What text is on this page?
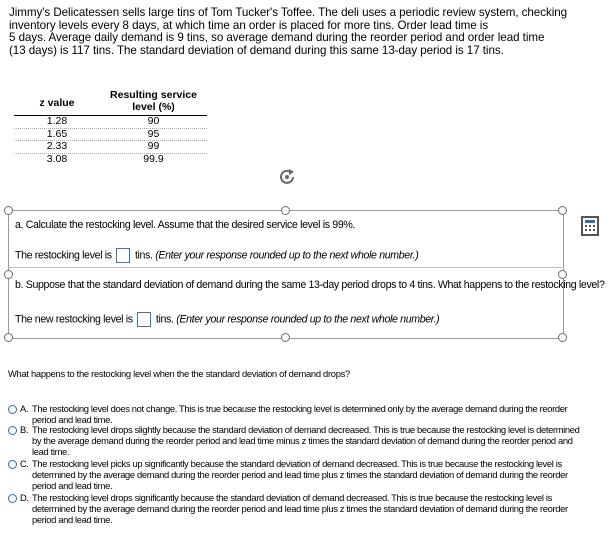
Jimmy's Delicatessen sells large tins of Tom Tucker's Toffee. The deli uses a periodic review system, checking
inventory levels every 8 days, at which time an order is placed for more tins. Order lead time is
5 days. Average daily demand is 9 tins, so average demand during the reorder period and order lead time
(13 days) is 117 tins. The standard deviation of demand during this same 13-day period is 17 tins.
z value
Resulting service
level (%)
1.28	90
1.65	95
2.33	99
3.08	99.9
a. Calculate the restocking level. Assume that the desired service level is 99%.
The restocking level is tins. (Enter your response rounded up to the next whole number.)
b. Suppose that the standard deviation of demand during the same 13-day period drops to 4 tins. What happens to the restocking level?
The new restocking level is tins. (Enter your response rounded up to the next whole number.)
What happens to the restocking level when the the standard deviation of demand drops?
A. The restocking level does not change. This is true because the restocking level is determined only by the average demand during the reorder period and lead time.
B. The restocking level drops slightly because the standard deviation of demand decreased. This is true because the restocking level is determined by the average demand during the reorder period and lead time minus z times the standard deviation of demand during the reorder period and lead time.
C. The restocking level picks up significantly because the standard deviation of demand decreased. This is true because the restocking level is determined by the average demand during the reorder period and lead time plus z times the standard deviation of demand during the reorder period and lead time.
D. The restocking level drops significantly because the standard deviation of demand decreased. This is true because the restocking level is determined by the average demand during the reorder period and lead time plus z times the standard deviation of demand during the reorder period and lead time.
